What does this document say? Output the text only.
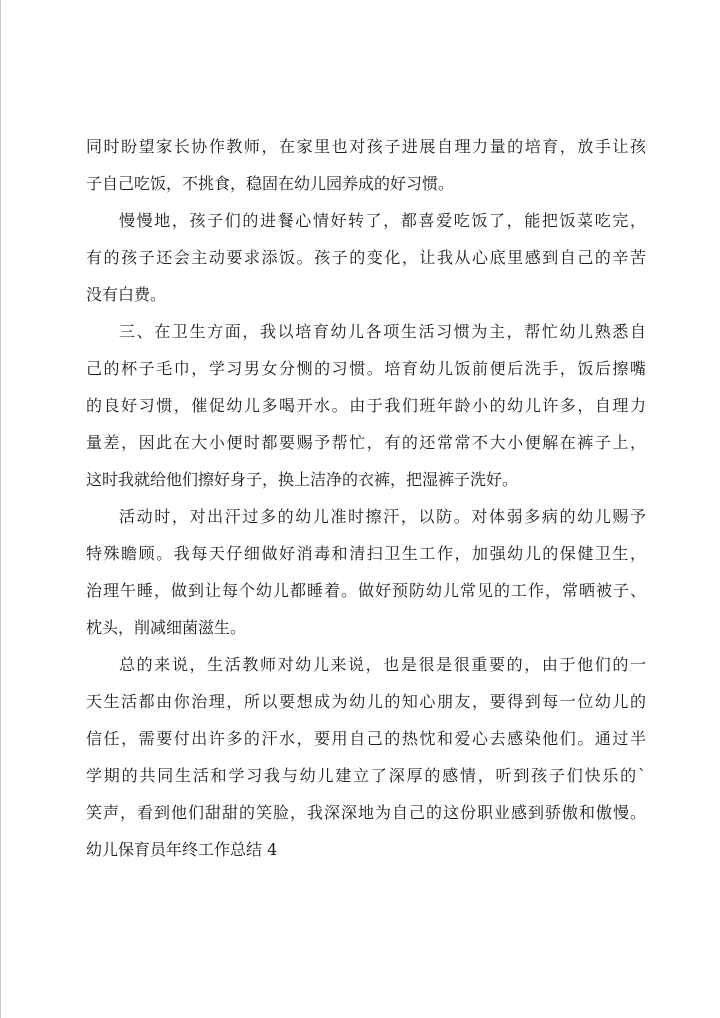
同时盼望家长协作教师，在家里也对孩子进展自理力量的培育，放手让孩
子自己吃饭，不挑食，稳固在幼儿园养成的好习惯。
慢慢地，孩子们的进餐心情好转了，都喜爱吃饭了，能把饭菜吃完，
有的孩子还会主动要求添饭。孩子的变化，让我从心底里感到自己的辛苦
没有白费。
三、在卫生方面，我以培育幼儿各项生活习惯为主，帮忙幼儿熟悉自
己的杯子毛巾，学习男女分恻的习惯。培育幼儿饭前便后洗手，饭后擦嘴
的良好习惯，催促幼儿多喝开水。由于我们班年龄小的幼儿许多，自理力
量差，因此在大小便时都要赐予帮忙，有的还常常不大小便解在裤子上，
这时我就给他们擦好身子，换上洁净的衣裤，把湿裤子洗好。
活动时，对出汗过多的幼儿准时擦汗，以防。对体弱多病的幼儿赐予
特殊瞻顾。我每天仔细做好消毒和清扫卫生工作，加强幼儿的保健卫生，
治理午睡，做到让每个幼儿都睡着。做好预防幼儿常见的工作，常晒被子、
枕头，削减细菌滋生。
总的来说，生活教师对幼儿来说，也是很是很重要的，由于他们的一
天生活都由你治理，所以要想成为幼儿的知心朋友，要得到每一位幼儿的
信任，需要付出许多的汗水，要用自己的热忱和爱心去感染他们。通过半
学期的共同生活和学习我与幼儿建立了深厚的感情，听到孩子们快乐的`
笑声，看到他们甜甜的笑脸，我深深地为自己的这份职业感到骄傲和傲慢。
幼儿保育员年终工作总结 4
